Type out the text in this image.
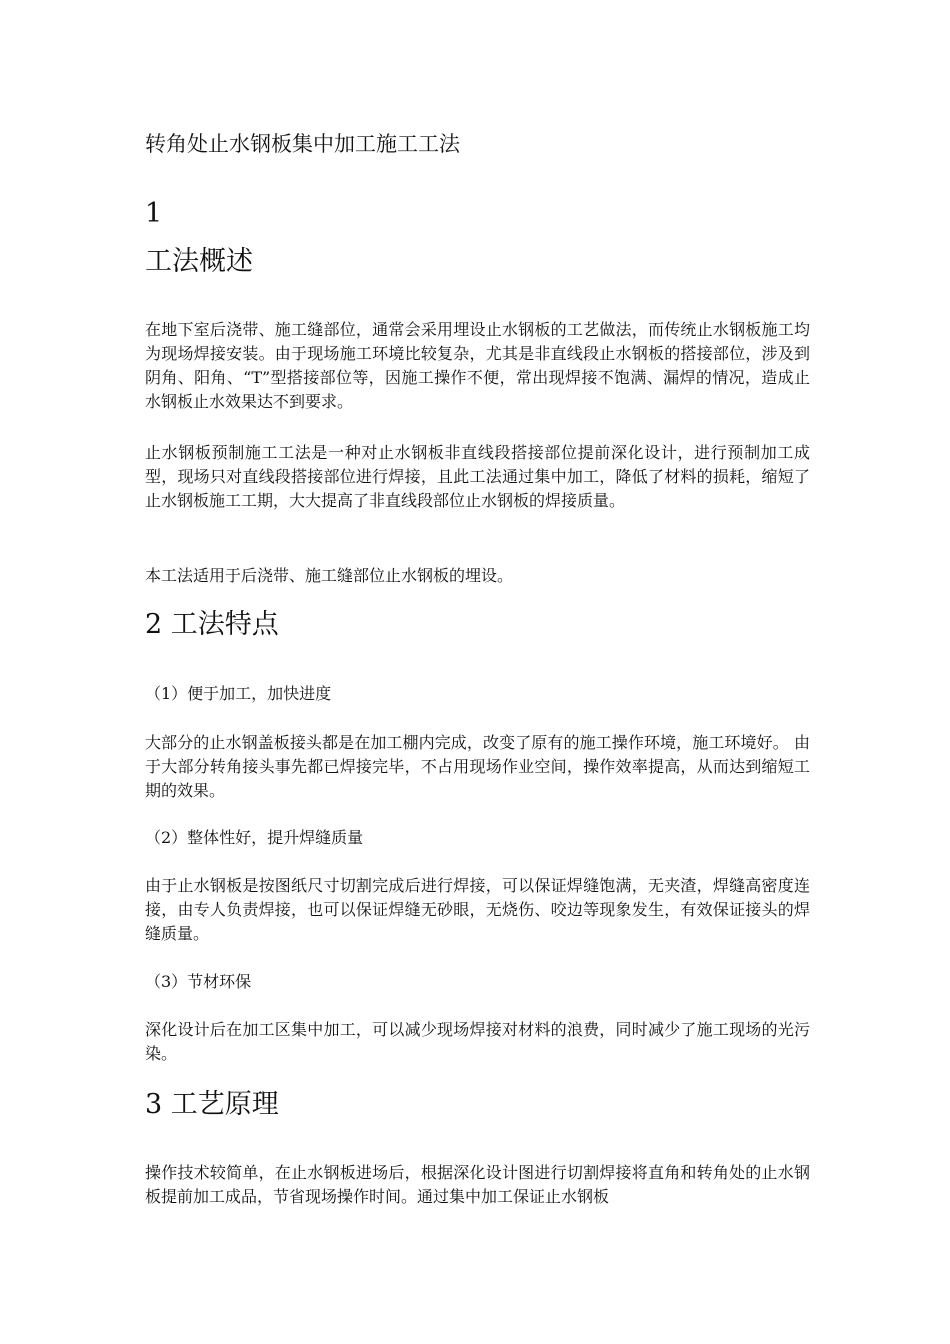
转角处止水钢板集中加工施工工法
1
工法概述

在地下室后浇带、施工缝部位，通常会采用埋设止水钢板的工艺做法，而传统止水钢板施工均为现场焊接安装。由于现场施工环境比较复杂，尤其是非直线段止水钢板的搭接部位，涉及到阴角、阳角、“T”型搭接部位等，因施工操作不便，常出现焊接不饱满、漏焊的情况，造成止水钢板止水效果达不到要求。

止水钢板预制施工工法是一种对止水钢板非直线段搭接部位提前深化设计，进行预制加工成型，现场只对直线段搭接部位进行焊接，且此工法通过集中加工，降低了材料的损耗，缩短了止水钢板施工工期，大大提高了非直线段部位止水钢板的焊接质量。

本工法适用于后浇带、施工缝部位止水钢板的埋设。

2 工法特点
（1）便于加工，加快进度

大部分的止水钢盖板接头都是在加工棚内完成，改变了原有的施工操作环境，施工环境好。 由于大部分转角接头事先都已焊接完毕，不占用现场作业空间，操作效率提高，从而达到缩短工期的效果。

（2）整体性好，提升焊缝质量

由于止水钢板是按图纸尺寸切割完成后进行焊接，可以保证焊缝饱满，无夹渣，焊缝高密度连接，由专人负责焊接，也可以保证焊缝无砂眼，无烧伤、咬边等现象发生，有效保证接头的焊缝质量。

（3）节材环保

深化设计后在加工区集中加工，可以减少现场焊接对材料的浪费，同时减少了施工现场的光污染。

3 工艺原理

操作技术较简单，在止水钢板进场后，根据深化设计图进行切割焊接将直角和转角处的止水钢板提前加工成品，节省现场操作时间。通过集中加工保证止水钢板
